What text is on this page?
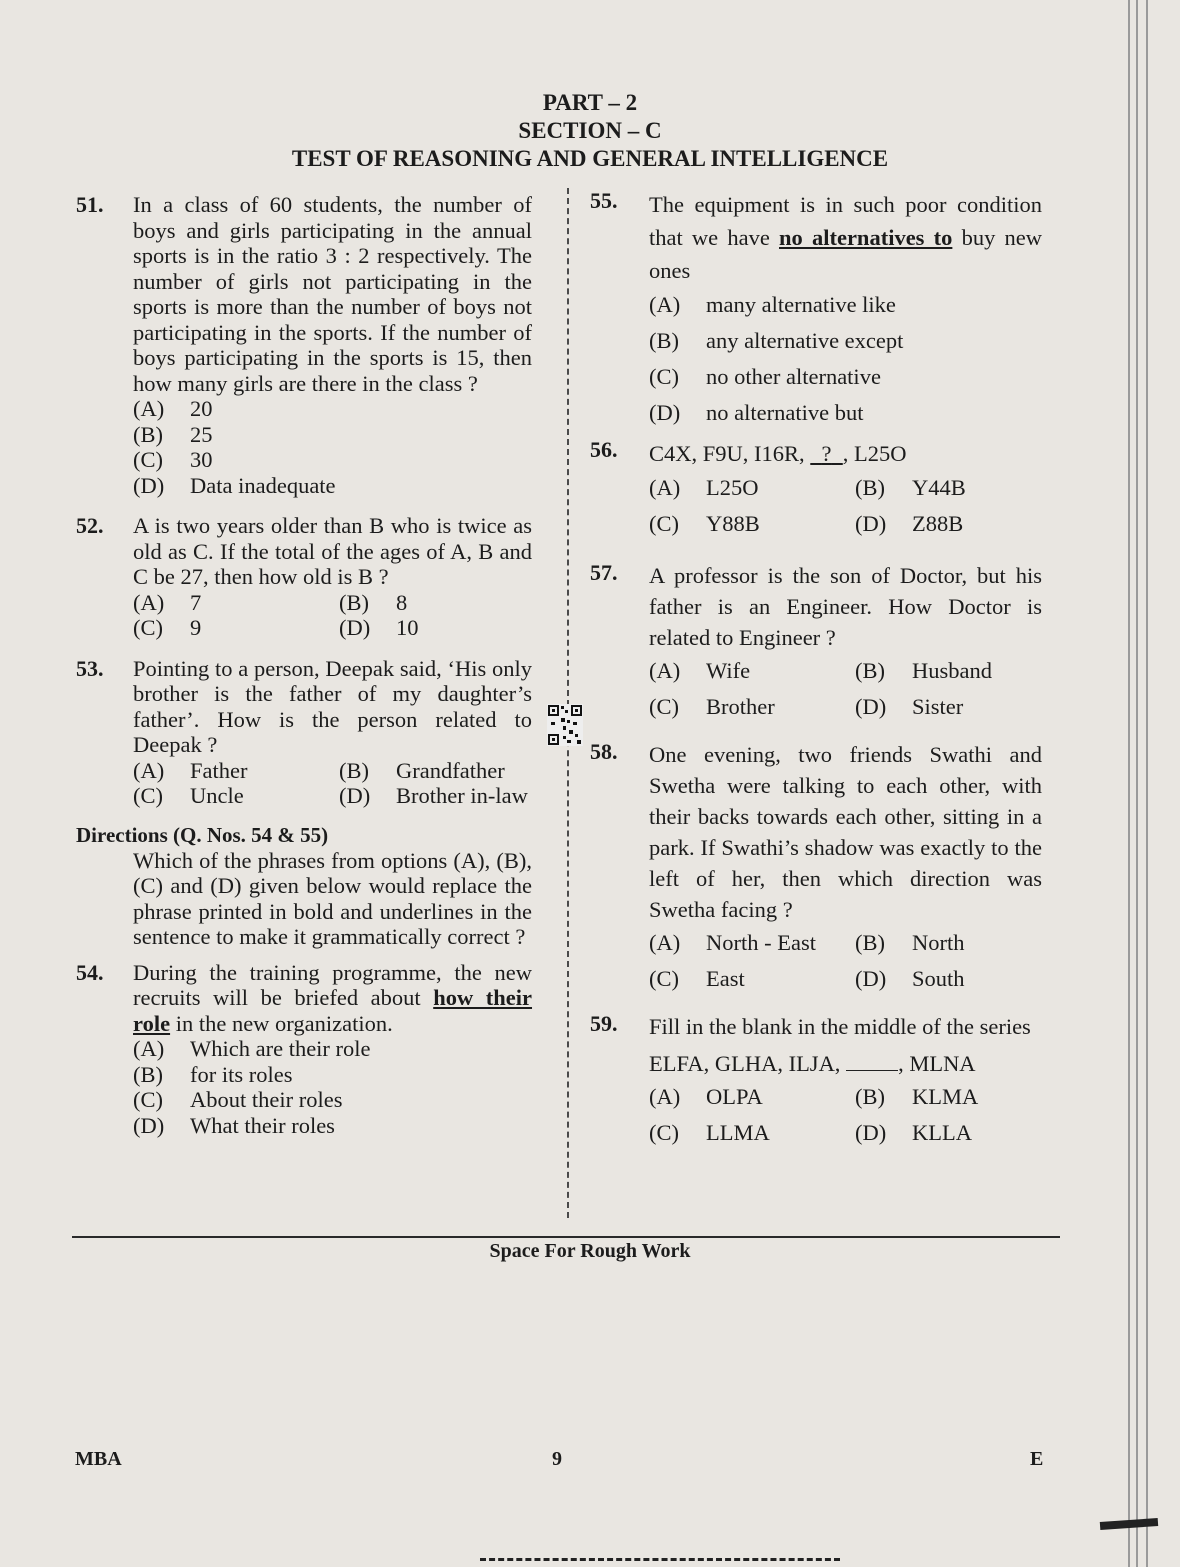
PART – 2
SECTION – C
TEST OF REASONING AND GENERAL INTELLIGENCE
51. In a class of 60 students, the number of boys and girls participating in the annual sports is in the ratio 3 : 2 respectively. The number of girls not participating in the sports is more than the number of boys not participating in the sports. If the number of boys participating in the sports is 15, then how many girls are there in the class ?
(A) 20
(B) 25
(C) 30
(D) Data inadequate
52. A is two years older than B who is twice as old as C. If the total of the ages of A, B and C be 27, then how old is B ?
(A) 7	(B) 8
(C) 9	(D) 10
53. Pointing to a person, Deepak said, ‘His only brother is the father of my daughter’s father’. How is the person related to Deepak ?
(A) Father	(B) Grandfather
(C) Uncle	(D) Brother in-law
Directions (Q. Nos. 54 & 55)
Which of the phrases from options (A), (B), (C) and (D) given below would replace the phrase printed in bold and underlines in the sentence to make it grammatically correct ?
54. During the training programme, the new recruits will be briefed about how their role in the new organization.
(A) Which are their role
(B) for its roles
(C) About their roles
(D) What their roles
55. The equipment is in such poor condition that we have no alternatives to buy new ones
(A) many alternative like
(B) any alternative except
(C) no other alternative
(D) no alternative but
56. C4X, F9U, I16R,   ? , L25O
(A) L25O	(B) Y44B
(C) Y88B	(D) Z88B
57. A professor is the son of Doctor, but his father is an Engineer. How Doctor is related to Engineer ?
(A) Wife	(B) Husband
(C) Brother	(D) Sister
58. One evening, two friends Swathi and Swetha were talking to each other, with their backs towards each other, sitting in a park. If Swathi’s shadow was exactly to the left of her, then which direction was Swetha facing ?
(A) North - East	(B) North
(C) East	(D) South
59. Fill in the blank in the middle of the series
ELFA, GLHA, ILJA, , MLNA
(A) OLPA	(B) KLMA
(C) LLMA	(D) KLLA
Space For Rough Work
MBA	9	E
